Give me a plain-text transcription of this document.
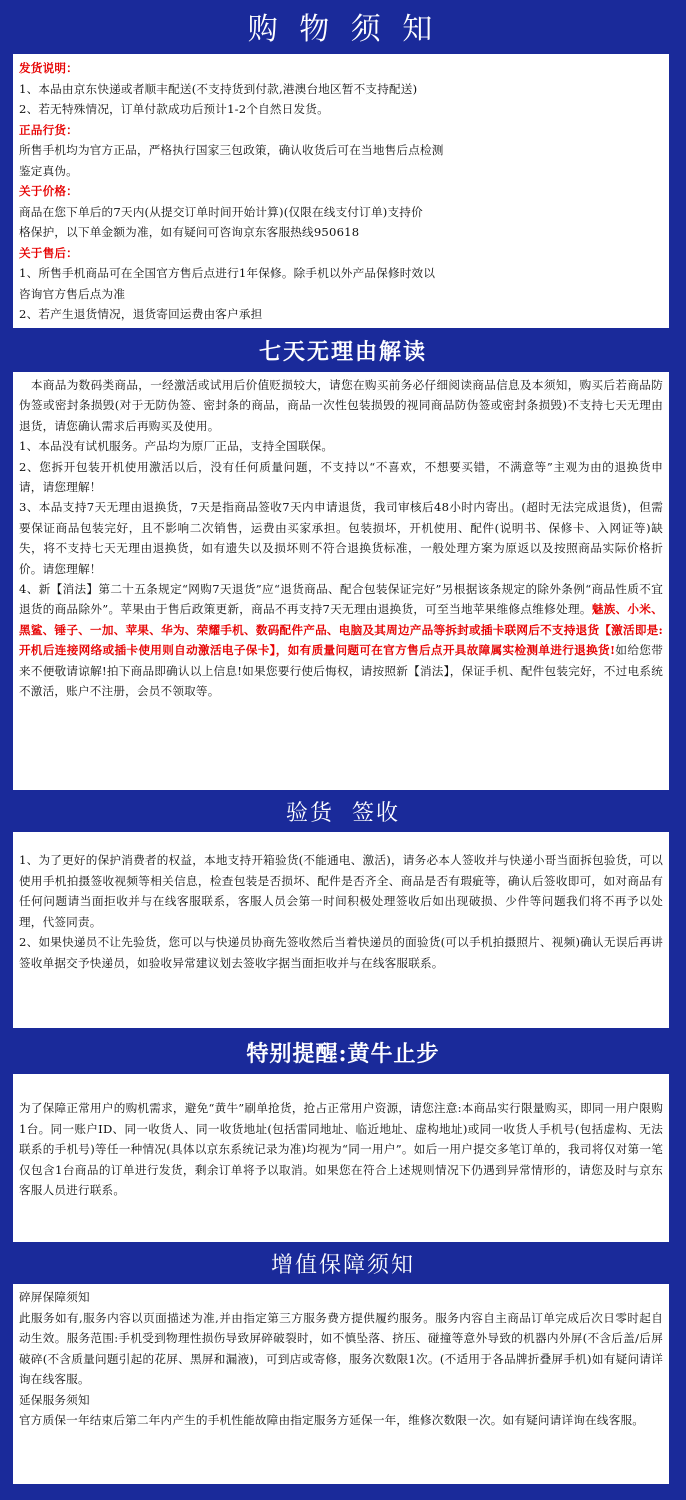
购 物 须 知
发货说明：
1、本品由京东快递或者顺丰配送(不支持货到付款,港澳台地区暂不支持配送)
2、若无特殊情况，订单付款成功后预计1-2个自然日发货。
正品行货：
所售手机均为官方正品，严格执行国家三包政策，确认收货后可在当地售后点检测
鉴定真伪。
关于价格：
商品在您下单后的7天内(从提交订单时间开始计算)(仅限在线支付订单)支持价
格保护，以下单金额为准，如有疑问可咨询京东客服热线950618
关于售后：
1、所售手机商品可在全国官方售后点进行1年保修。除手机以外产品保修时效以
咨询官方售后点为准
2、若产生退货情况，退货寄回运费由客户承担
七天无理由解读
　本商品为数码类商品，一经激活或试用后价值贬损较大，请您在购买前务必仔细阅读商品信息及本须知，购买后若商品防伪签或密封条损毁(对于无防伪签、密封条的商品，商品一次性包装损毁的视同商品防伪签或密封条损毁)不支持七天无理由退货，请您确认需求后再购买及使用。
1、本品没有试机服务。产品均为原厂正品，支持全国联保。
2、您拆开包装开机使用激活以后，没有任何质量问题，不支持以“不喜欢，不想要买错，不满意等”主观为由的退换货申请，请您理解！
3、本品支持7天无理由退换货，7天是指商品签收7天内申请退货，我司审核后48小时内寄出。(超时无法完成退货)，但需要保证商品包装完好，且不影响二次销售，运费由买家承担。包装损坏，开机使用、配件(说明书、保修卡、入网证等)缺失，将不支持七天无理由退换货，如有遗失以及损坏则不符合退换货标准，一般处理方案为原返以及按照商品实际价格折价。请您理解！
4、新【消法】第二十五条规定“网购7天退货”应“退货商品、配合包装保证完好”另根据该条规定的除外条例“商品性质不宜退货的商品除外”。苹果由于售后政策更新，商品不再支持7天无理由退换货，可至当地苹果维修点维修处理。魅族、小米、黑鲨、锤子、一加、苹果、华为、荣耀手机、数码配件产品、电脑及其周边产品等拆封或插卡联网后不支持退货【激活即是:开机后连接网络或插卡使用则自动激活电子保卡】，如有质量问题可在官方售后点开具故障属实检测单进行退换货!如给您带来不便敬请谅解!拍下商品即确认以上信息!如果您要行使后悔权，请按照新【消法】，保证手机、配件包装完好，不过电系统不激活，账户不注册，会员不领取等。
验货  签收
1、为了更好的保护消费者的权益，本地支持开箱验货(不能通电、激活)，请务必本人签收并与快递小哥当面拆包验货，可以使用手机拍摄签收视频等相关信息，检查包装是否损坏、配件是否齐全、商品是否有瑕疵等，确认后签收即可，如对商品有任何问题请当面拒收并与在线客服联系，客服人员会第一时间积极处理签收后如出现破损、少件等问题我们将不再予以处理，代签同责。
2、如果快递员不让先验货，您可以与快递员协商先签收然后当着快递员的面验货(可以手机拍摄照片、视频)确认无误后再讲签收单据交予快递员，如验收异常建议划去签收字据当面拒收并与在线客服联系。
特别提醒:黄牛止步
为了保障正常用户的购机需求，避免“黄牛”刷单抢货，抢占正常用户资源，请您注意:本商品实行限量购买，即同一用户限购1台。同一账户ID、同一收货人、同一收货地址(包括雷同地址、临近地址、虚构地址)或同一收货人手机号(包括虚构、无法联系的手机号)等任一种情况(具体以京东系统记录为准)均视为“同一用户”。如后一用户提交多笔订单的，我司将仅对第一笔仅包含1台商品的订单进行发货，剩余订单将予以取消。如果您在符合上述规则情况下仍遇到异常情形的，请您及时与京东客服人员进行联系。
增值保障须知
碎屏保障须知
此服务如有,服务内容以页面描述为准,并由指定第三方服务费方提供履约服务。服务内容自主商品订单完成后次日零时起自动生效。服务范围:手机受到物理性损伤导致屏碎破裂时，如不慎坠落、挤压、碰撞等意外导致的机器内外屏(不含后盖/后屏破碎(不含质量问题引起的花屏、黑屏和漏液)，可到店或寄修，服务次数限1次。(不适用于各品牌折叠屏手机)如有疑问请详询在线客服。
延保服务须知
官方质保一年结束后第二年内产生的手机性能故障由指定服务方延保一年，维修次数限一次。如有疑问请详询在线客服。
